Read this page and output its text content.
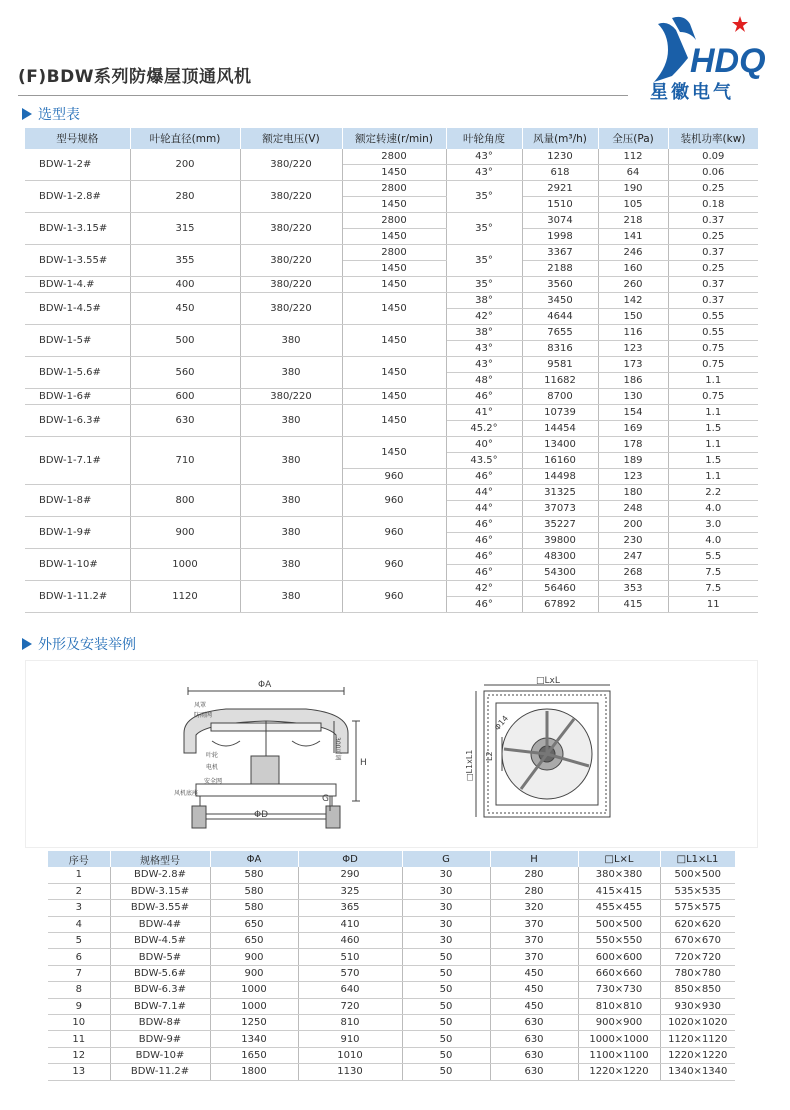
(F)BDW系列防爆屋顶通风机	HDQ
星徽电气
选型表
型号规格	叶轮直径(mm)	额定电压(V)	额定转速(r/min)	叶轮角度	风量(m³/h)	全压(Pa)	装机功率(kw)
BDW-1-2#	200	380/220	2800	43°	1230	112	0.09
			1450	43°	618	64	0.06
BDW-1-2.8#	280	380/220	2800	35°	2921	190	0.25
			1450		1510	105	0.18
BDW-1-3.15#	315	380/220	2800	35°	3074	218	0.37
			1450		1998	141	0.25
BDW-1-3.55#	355	380/220	2800	35°	3367	246	0.37
			1450		2188	160	0.25
BDW-1-4.#	400	380/220	1450	35°	3560	260	0.37
BDW-1-4.5#	450	380/220	1450	38°	3450	142	0.37
				42°	4644	150	0.55
BDW-1-5#	500	380	1450	38°	7655	116	0.55
				43°	8316	123	0.75
BDW-1-5.6#	560	380	1450	43°	9581	173	0.75
				48°	11682	186	1.1
BDW-1-6#	600	380/220	1450	46°	8700	130	0.75
BDW-1-6.3#	630	380	1450	41°	10739	154	1.1
				45.2°	14454	169	1.5
BDW-1-7.1#	710	380	1450	40°	13400	178	1.1
				43.5°	16160	189	1.5
			960	46°	14498	123	1.1
BDW-1-8#	800	380	960	44°	31325	180	2.2
				44°	37073	248	4.0
BDW-1-9#	900	380	960	46°	35227	200	3.0
				46°	39800	230	4.0
BDW-1-10#	1000	380	960	46°	48300	247	5.5
				46°	54300	268	7.5
BDW-1-11.2#	1120	380	960	42°	56460	353	7.5
				46°	67892	415	11
外形及安装举例
ΦA
ΦD
H
G
300可调
风罩
防雨网
叶轮
电机
安全网
风机底座
□LxL
□L1xL1 L2
Φ14
序号	规格型号	ΦA	ΦD	G	H	□L×L	□L1×L1
1	BDW-2.8#	580	290	30	280	380×380	500×500
2	BDW-3.15#	580	325	30	280	415×415	535×535
3	BDW-3.55#	580	365	30	320	455×455	575×575
4	BDW-4#	650	410	30	370	500×500	620×620
5	BDW-4.5#	650	460	30	370	550×550	670×670
6	BDW-5#	900	510	50	370	600×600	720×720
7	BDW-5.6#	900	570	50	450	660×660	780×780
8	BDW-6.3#	1000	640	50	450	730×730	850×850
9	BDW-7.1#	1000	720	50	450	810×810	930×930
10	BDW-8#	1250	810	50	630	900×900	1020×1020
11	BDW-9#	1340	910	50	630	1000×1000	1120×1120
12	BDW-10#	1650	1010	50	630	1100×1100	1220×1220
13	BDW-11.2#	1800	1130	50	630	1220×1220	1340×1340
